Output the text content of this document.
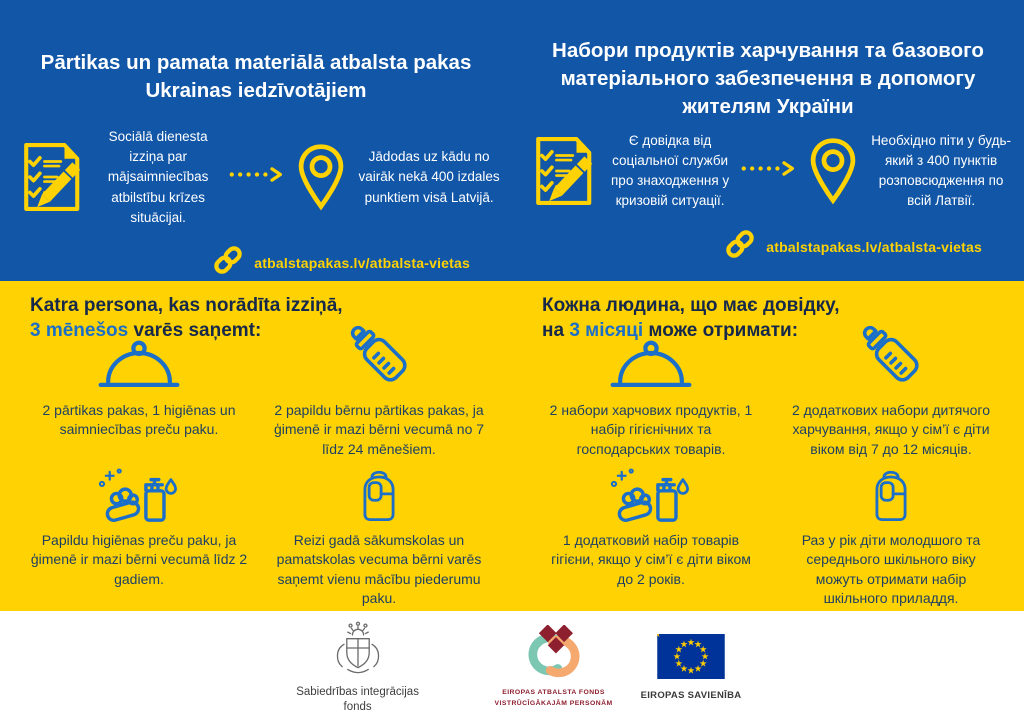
Pārtikas un pamata materiālā atbalsta pakas Ukrainas iedzīvotājiem
Sociālā dienesta izziņa par mājsaimniecības atbilstību krīzes situācijai.
Jādodas uz kādu no vairāk nekā 400 izdales punktiem visā Latvijā.
atbalstapakas.lv/atbalsta-vietas
Набори продуктів харчування та базового матеріального забезпечення в допомогу жителям України
Є довідка від соціальної служби про знаходження у кризовій ситуації.
Необхідно піти у будь-який з 400 пунктів розповсюдження по всій Латвії.
atbalstapakas.lv/atbalsta-vietas
Katra persona, kas norādīta izziņā,
3 mēnešos varēs saņemt:
2 pārtikas pakas, 1 higiēnas un saimniecības preču paku.
2 papildu bērnu pārtikas pakas, ja ģimenē ir mazi bērni vecumā no 7 līdz 24 mēnešiem.
Papildu higiēnas preču paku, ja ģimenē ir mazi bērni vecumā līdz 2 gadiem.
Reizi gadā sākumskolas un pamatskolas vecuma bērni varēs saņemt vienu mācību piederumu paku.
Кожна людина, що має довідку,
на 3 місяці може отримати:
2 набори харчових продуктів, 1 набір гігієнічних та господарських товарів.
2 додаткових набори дитячого харчування, якщо у сім’ї є діти віком від 7 до 12 місяців.
1 додатковий набір товарів гігієни, якщо у сім’ї є діти віком до 2 років.
Раз у рік діти молодшого та середнього шкільного віку можуть отримати набір шкільного приладдя.
Sabiedrības integrācijas fonds
EIROPAS ATBALSTA FONDS
VISTRŪCĪGĀKAJĀM PERSONĀM
EIROPAS SAVIENĪBA
